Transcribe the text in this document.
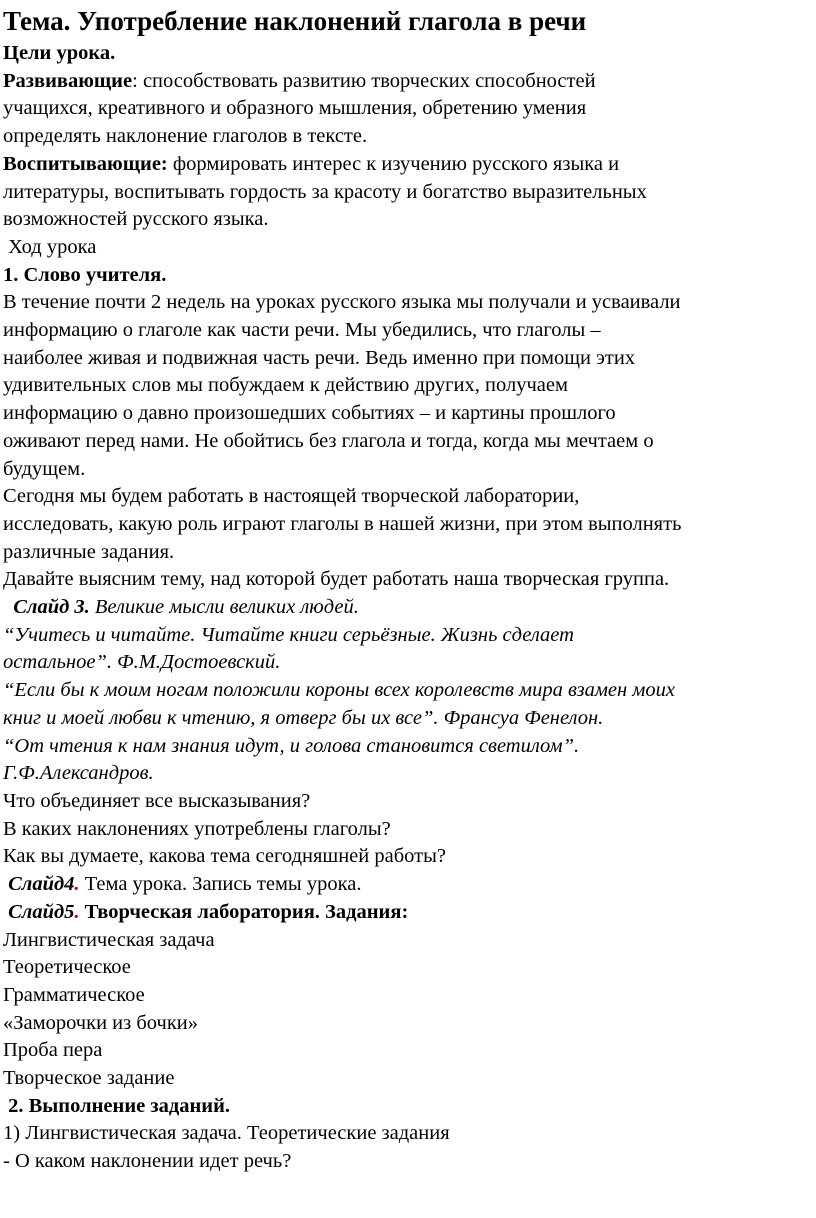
Тема. Употребление наклонений глагола в речи

Цели урока.

Развивающие: способствовать развитию творческих способностей
учащихся, креативного и образного мышления, обретению умения
определять наклонение глаголов в тексте.

Воспитывающие: формировать интерес к изучению русского языка и
литературы, воспитывать гордость за красоту и богатство выразительных
возможностей русского языка.

Ход урока

1. Слово учителя.

В течение почти 2 недель на уроках русского языка мы получали и усваивали
информацию о глаголе как части речи. Мы убедились, что глаголы –
наиболее живая и подвижная часть речи. Ведь именно при помощи этих
удивительных слов мы побуждаем к действию других, получаем
информацию о давно произошедших событиях – и картины прошлого
оживают перед нами. Не обойтись без глагола и тогда, когда мы мечтаем о
будущем.

Сегодня мы будем работать в настоящей творческой лаборатории,
исследовать, какую роль играют глаголы в нашей жизни, при этом выполнять
различные задания.

Давайте выясним тему, над которой будет работать наша творческая группа.

Слайд 3. Великие мысли великих людей.

“Учитесь и читайте. Читайте книги серьёзные. Жизнь сделает
остальное”. Ф.М.Достоевский.
“Если бы к моим ногам положили короны всех королевств мира взамен моих
книг и моей любви к чтению, я отверг бы их все”. Франсуа Фенелон.
“От чтения к нам знания идут, и голова становится светилом”.
Г.Ф.Александров.

Что объединяет все высказывания?
В каких наклонениях употреблены глаголы?
Как вы думаете, какова тема сегодняшней работы?

Слайд4. Тема урока. Запись темы урока.

Слайд5. Творческая лаборатория. Задания:

Лингвистическая задача
Теоретическое
Грамматическое
«Заморочки из бочки»
Проба пера
Творческое задание

2. Выполнение заданий.

1) Лингвистическая задача. Теоретические задания

- О каком наклонении идет речь?
